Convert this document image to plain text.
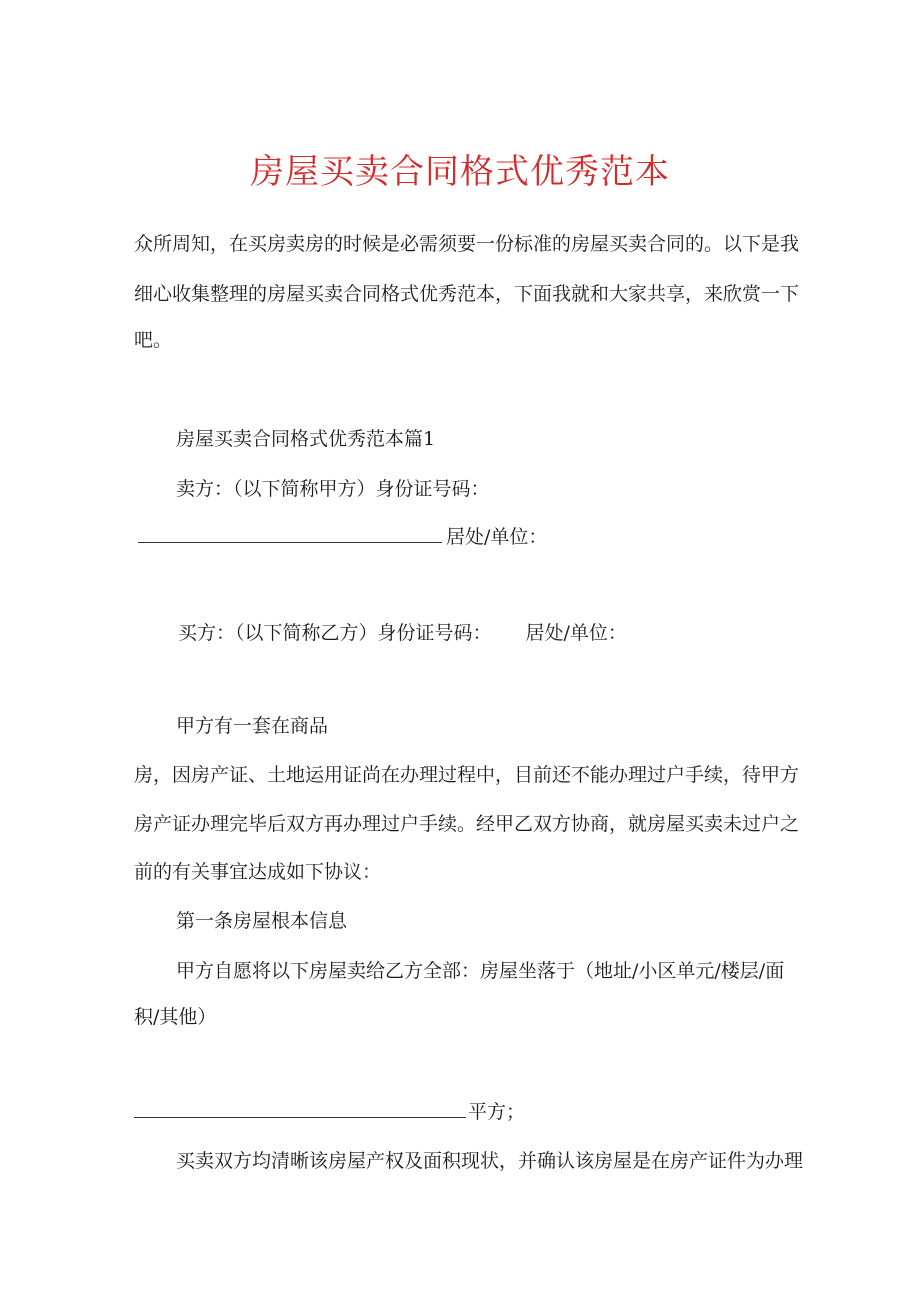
房屋买卖合同格式优秀范本
众所周知，在买房卖房的时候是必需须要一份标准的房屋买卖合同的。以下是我
细心收集整理的房屋买卖合同格式优秀范本，下面我就和大家共享，来欣赏一下
吧。
房屋买卖合同格式优秀范本篇1
卖方：（以下简称甲方）身份证号码：
居处/单位：
买方：（以下简称乙方）身份证号码： 居处/单位：
甲方有一套在商品
房，因房产证、土地运用证尚在办理过程中，目前还不能办理过户手续，待甲方
房产证办理完毕后双方再办理过户手续。经甲乙双方协商，就房屋买卖未过户之
前的有关事宜达成如下协议：
第一条房屋根本信息
甲方自愿将以下房屋卖给乙方全部：房屋坐落于（地址/小区单元/楼层/面
积/其他）
平方；
买卖双方均清晰该房屋产权及面积现状，并确认该房屋是在房产证件为办理
